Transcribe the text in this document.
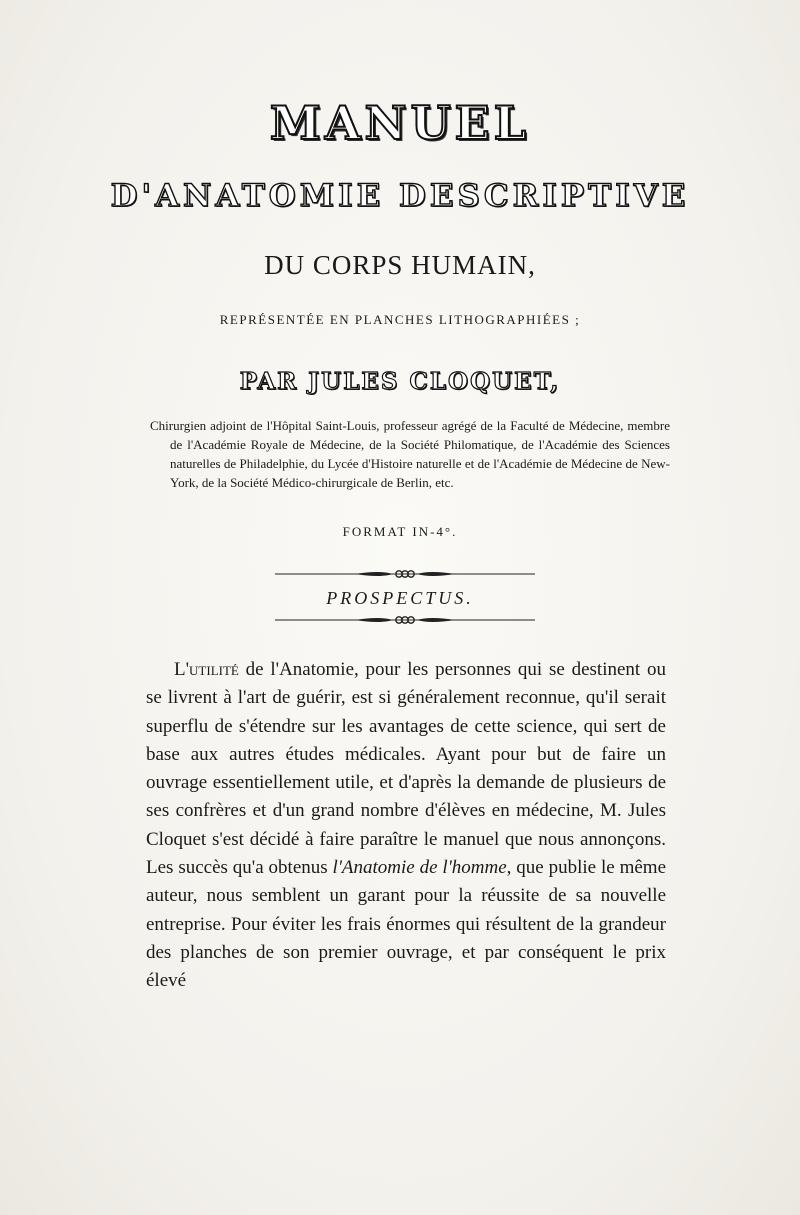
MANUEL
D'ANATOMIE DESCRIPTIVE
DU CORPS HUMAIN,
REPRÉSENTÉE EN PLANCHES LITHOGRAPHIÉES ;
PAR JULES CLOQUET,
Chirurgien adjoint de l'Hôpital Saint-Louis, professeur agrégé de la Faculté de Médecine, membre de l'Académie Royale de Médecine, de la Société Philomatique, de l'Académie des Sciences naturelles de Philadelphie, du Lycée d'Histoire naturelle et de l'Académie de Médecine de New-York, de la Société Médico-chirurgicale de Berlin, etc.
FORMAT IN-4°.
PROSPECTUS.
L'utilité de l'Anatomie, pour les personnes qui se destinent ou se livrent à l'art de guérir, est si généralement reconnue, qu'il serait superflu de s'étendre sur les avantages de cette science, qui sert de base aux autres études médicales. Ayant pour but de faire un ouvrage essentiellement utile, et d'après la demande de plusieurs de ses confrères et d'un grand nombre d'élèves en médecine, M. Jules Cloquet s'est décidé à faire paraître le manuel que nous annonçons. Les succès qu'a obtenus l'Anatomie de l'homme, que publie le même auteur, nous semblent un garant pour la réussite de sa nouvelle entreprise. Pour éviter les frais énormes qui résultent de la grandeur des planches de son premier ouvrage, et par conséquent le prix élevé
